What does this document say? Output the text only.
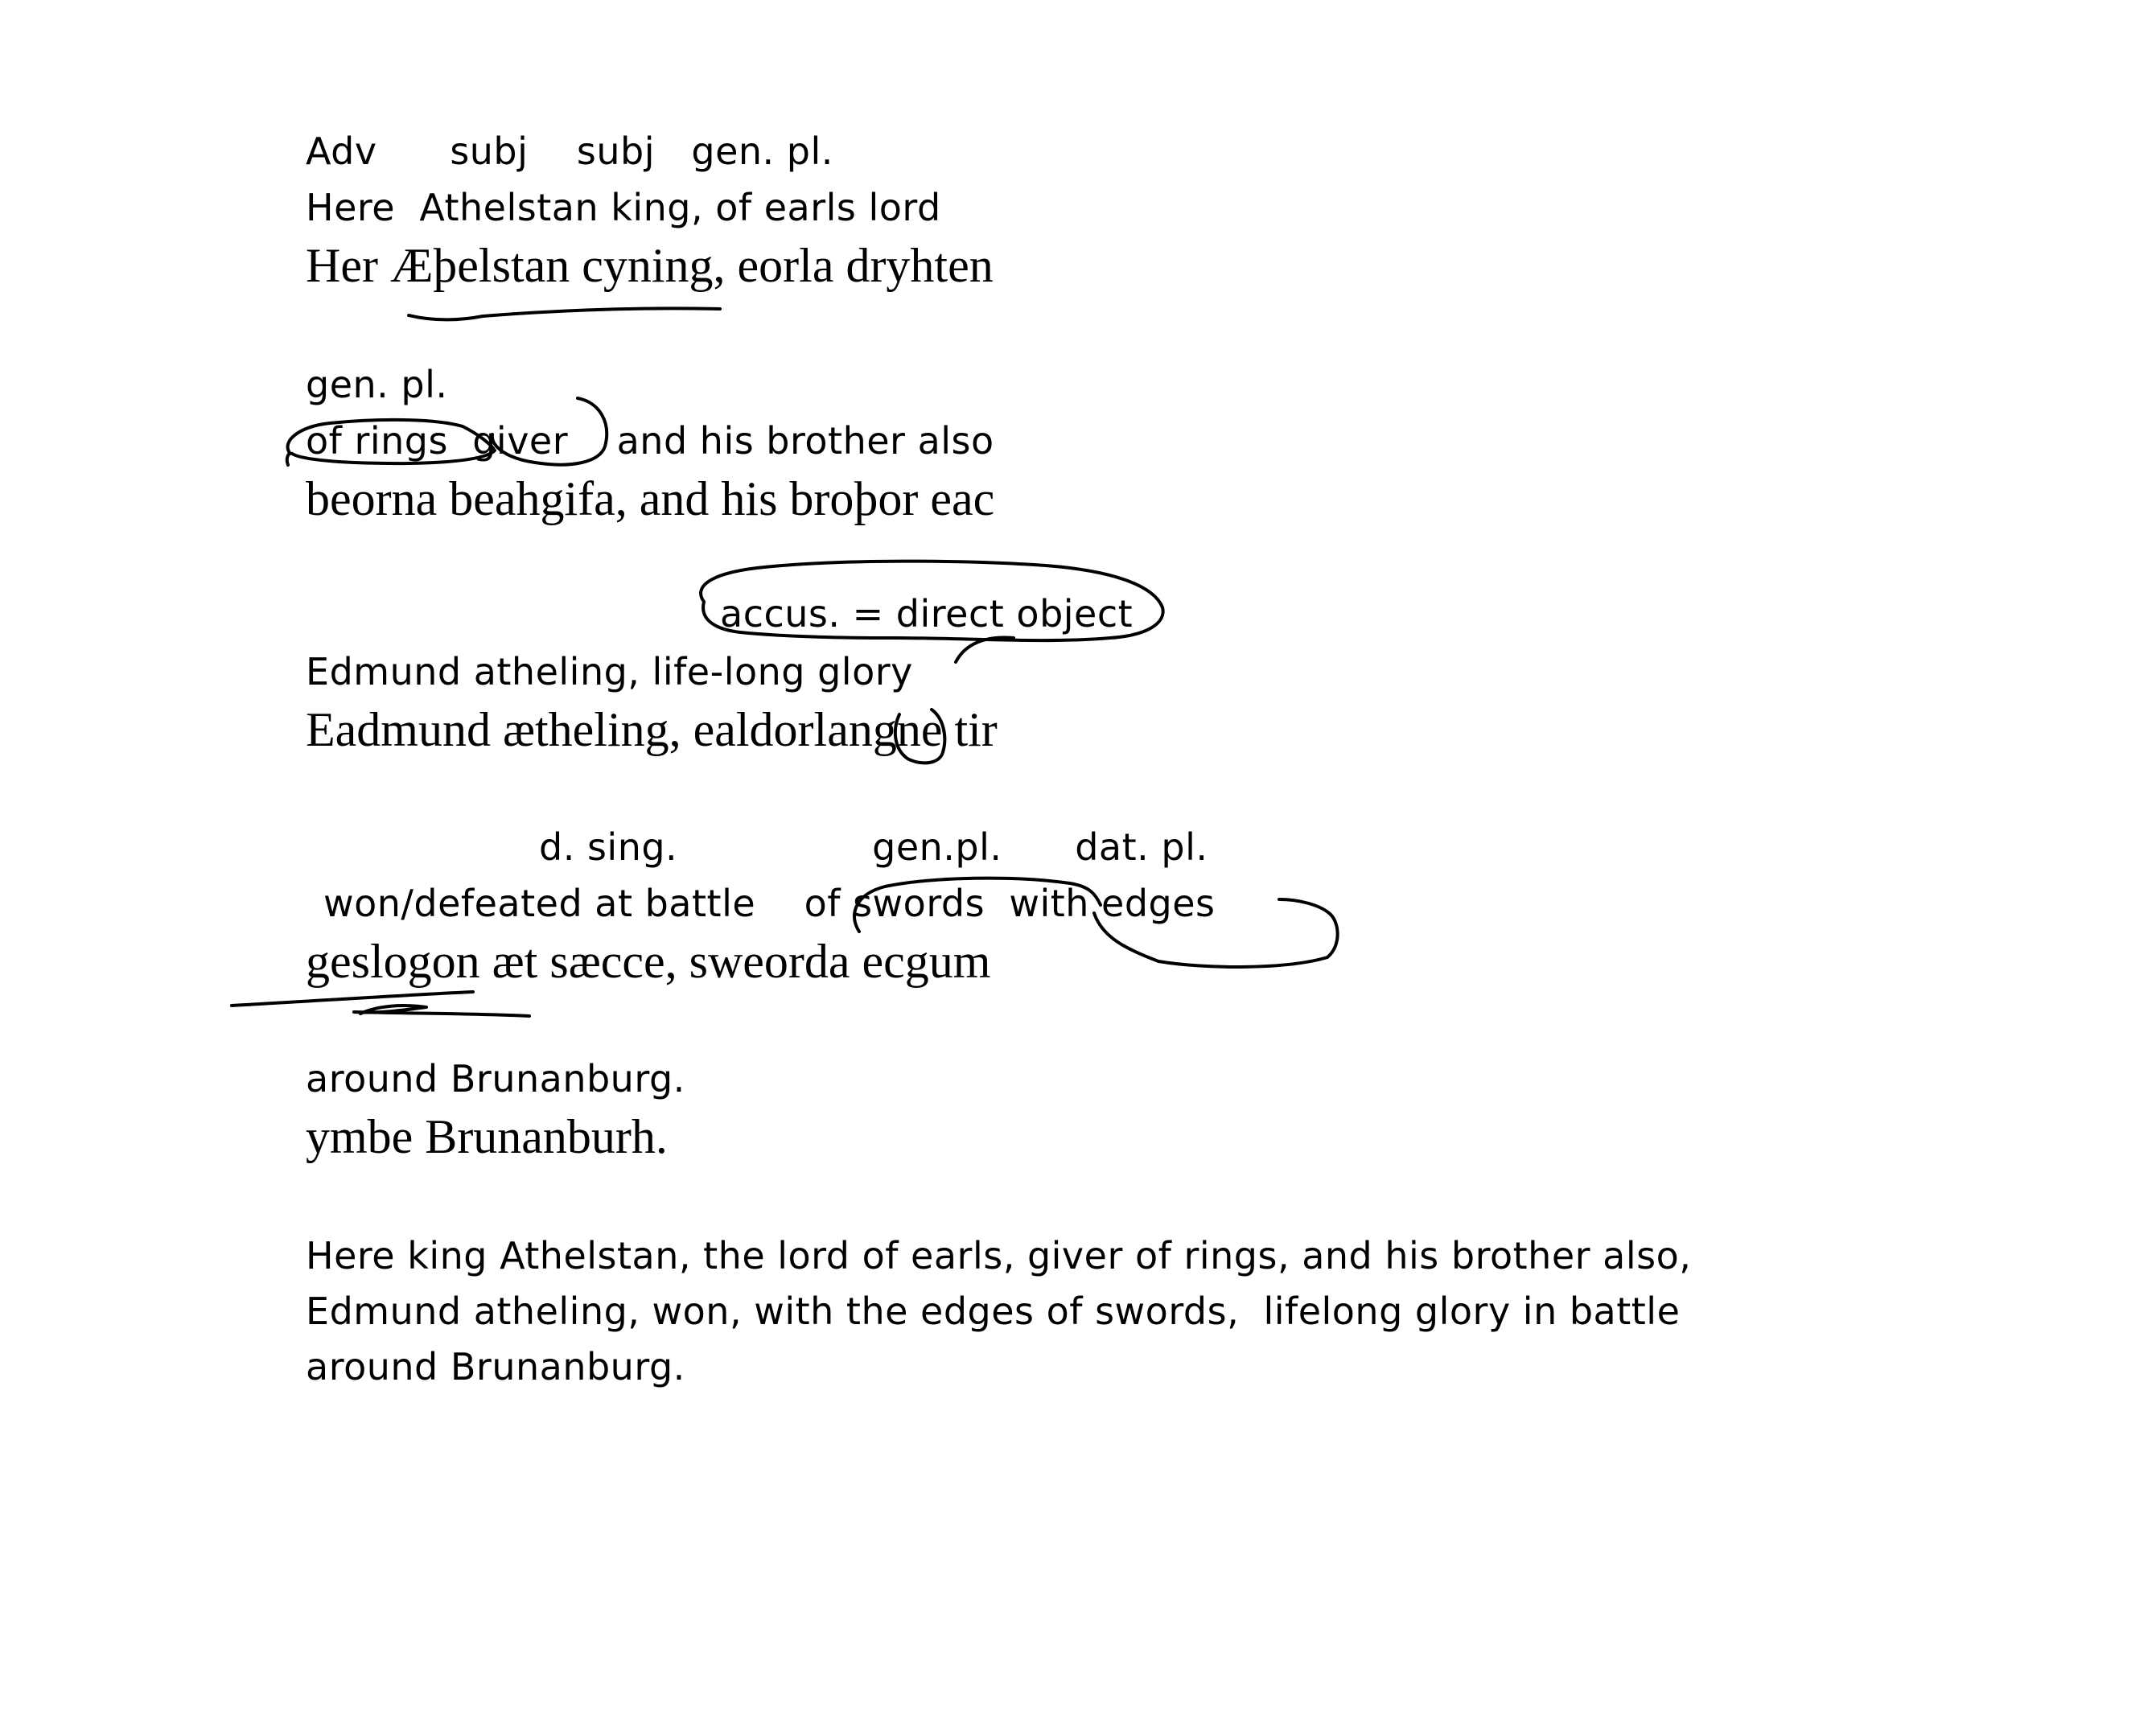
Adv      subj    subj   gen. pl.
Here  Athelstan king, of earls lord
Her Æþelstan cyning, eorla dryhten
gen. pl.
of rings  giver    and his brother also
beorna beahgifa, and his broþor eac
accus. = direct object
Edmund atheling, life-long glory
Eadmund ætheling, ealdorlangne tir
d. sing.                gen.pl.      dat. pl.
won/defeated at battle    of swords  with edges
geslogon æt sæcce, sweorda ecgum
around Brunanburg.
ymbe Brunanburh.
Here king Athelstan, the lord of earls, giver of rings, and his brother also,
Edmund atheling, won, with the edges of swords,  lifelong glory in battle
around Brunanburg.
